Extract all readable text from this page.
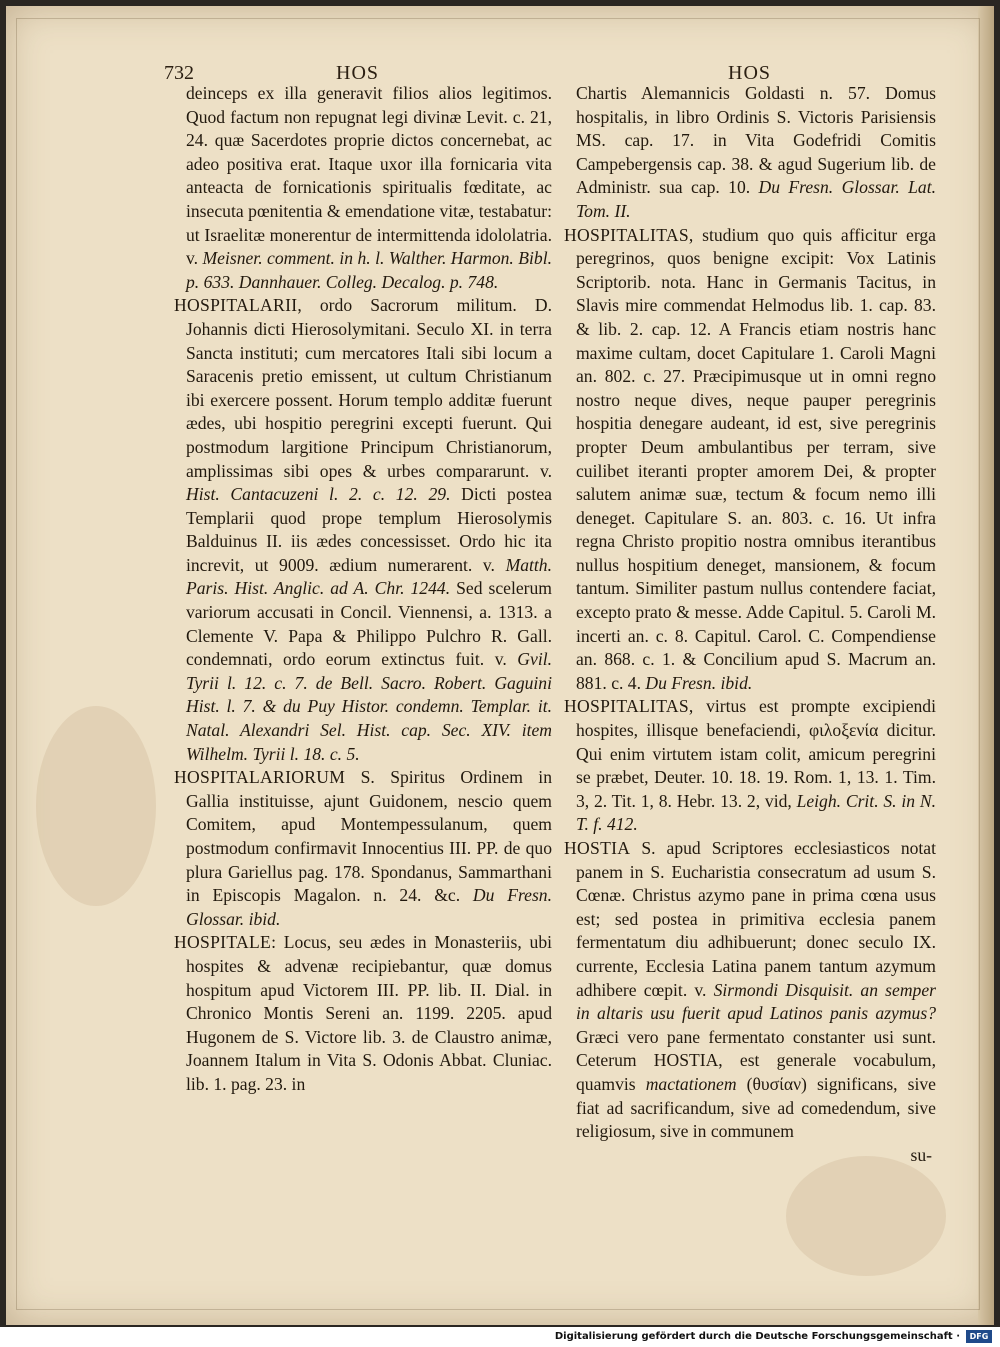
732	HOS	HOS

deinceps ex illa generavit filios alios legitimos. Quod factum non repugnat legi divinæ Levit. c. 21, 24. quæ Sacerdotes proprie dictos concernebat, ac adeo positiva erat. Itaque uxor illa fornicaria vita anteacta de fornicationis spiritualis fœditate, ac insecuta pœnitentia & emendatione vitæ, testabatur: ut Israelitæ monerentur de intermittenda idololatria. v. Meisner. comment. in h. l. Walther. Harmon. Bibl. p. 633. Dannhauer. Colleg. Decalog. p. 748.

HOSPITALARII, ordo Sacrorum militum. D. Johannis dicti Hierosolymitani. Seculo XI. in terra Sancta instituti; cum mercatores Itali sibi locum a Saracenis pretio emissent, ut cultum Christianum ibi exercere possent. Horum templo additæ fuerunt ædes, ubi hospitio peregrini excepti fuerunt. Qui postmodum largitione Principum Christianorum, amplissimas sibi opes & urbes compararunt. v. Hist. Cantacuzeni l. 2. c. 12. 29. Dicti postea Templarii quod prope templum Hierosolymis Balduinus II. iis ædes concessisset. Ordo hic ita increvit, ut 9009. ædium numerarent. v. Matth. Paris. Hist. Anglic. ad A. Chr. 1244. Sed scelerum variorum accusati in Concil. Viennensi, a. 1313. a Clemente V. Papa & Philippo Pulchro R. Gall. condemnati, ordo eorum extinctus fuit. v. Gvil. Tyrii l. 12. c. 7. de Bell. Sacro. Robert. Gaguini Hist. l. 7. & du Puy Histor. condemn. Templar. it. Natal. Alexandri Sel. Hist. cap. Sec. XIV. item Wilhelm. Tyrii l. 18. c. 5.

HOSPITALARIORUM S. Spiritus Ordinem in Gallia instituisse, ajunt Guidonem, nescio quem Comitem, apud Montempessulanum, quem postmodum confirmavit Innocentius III. PP. de quo plura Gariellus pag. 178. Spondanus, Sammarthani in Episcopis Magalon. n. 24. &c. Du Fresn. Glossar. ibid.

HOSPITALE: Locus, seu ædes in Monasteriis, ubi hospites & advenæ recipiebantur, quæ domus hospitum apud Victorem III. PP. lib. II. Dial. in Chronico Montis Sereni an. 1199. 2205. apud Hugonem de S. Victore lib. 3. de Claustro animæ, Joannem Italum in Vita S. Odonis Abbat. Cluniac. lib. 1. pag. 23. in

Chartis Alemannicis Goldasti n. 57. Domus hospitalis, in libro Ordinis S. Victoris Parisiensis MS. cap. 17. in Vita Godefridi Comitis Campebergensis cap. 38. & agud Sugerium lib. de Administr. sua cap. 10. Du Fresn. Glossar. Lat. Tom. II.

HOSPITALITAS, studium quo quis afficitur erga peregrinos, quos benigne excipit: Vox Latinis Scriptorib. nota. Hanc in Germanis Tacitus, in Slavis mire commendat Helmodus lib. 1. cap. 83. & lib. 2. cap. 12. A Francis etiam nostris hanc maxime cultam, docet Capitulare 1. Caroli Magni an. 802. c. 27. Præcipimusque ut in omni regno nostro neque dives, neque pauper peregrinis hospitia denegare audeant, id est, sive peregrinis propter Deum ambulantibus per terram, sive cuilibet iteranti propter amorem Dei, & propter salutem animæ suæ, tectum & focum nemo illi deneget. Capitulare S. an. 803. c. 16. Ut infra regna Christo propitio nostra omnibus iterantibus nullus hospitium deneget, mansionem, & focum tantum. Similiter pastum nullus contendere faciat, excepto prato & messe. Adde Capitul. 5. Caroli M. incerti an. c. 8. Capitul. Carol. C. Compendiense an. 868. c. 1. & Concilium apud S. Macrum an. 881. c. 4. Du Fresn. ibid.

HOSPITALITAS, virtus est prompte excipiendi hospites, illisque benefaciendi, φιλοξενία dicitur. Qui enim virtutem istam colit, amicum peregrini se præbet, Deuter. 10. 18. 19. Rom. 1, 13. 1. Tim. 3, 2. Tit. 1, 8. Hebr. 13. 2, vid, Leigh. Crit. S. in N. T. f. 412.

HOSTIA S. apud Scriptores ecclesiasticos notat panem in S. Eucharistia consecratum ad usum S. Cœnæ. Christus azymo pane in prima cœna usus est; sed postea in primitiva ecclesia panem fermentatum diu adhibuerunt; donec seculo IX. currente, Ecclesia Latina panem tantum azymum adhibere cœpit. v. Sirmondi Disquisit. an semper in altaris usu fuerit apud Latinos panis azymus? Græci vero pane fermentato constanter usi sunt. Ceterum HOSTIA, est generale vocabulum, quamvis mactationem (θυσίαν) significans, sive fiat ad sacrificandum, sive ad comedendum, sive religiosum, sive in communem

su-

Digitalisierung gefördert durch die Deutsche Forschungsgemeinschaft ·	DFG
